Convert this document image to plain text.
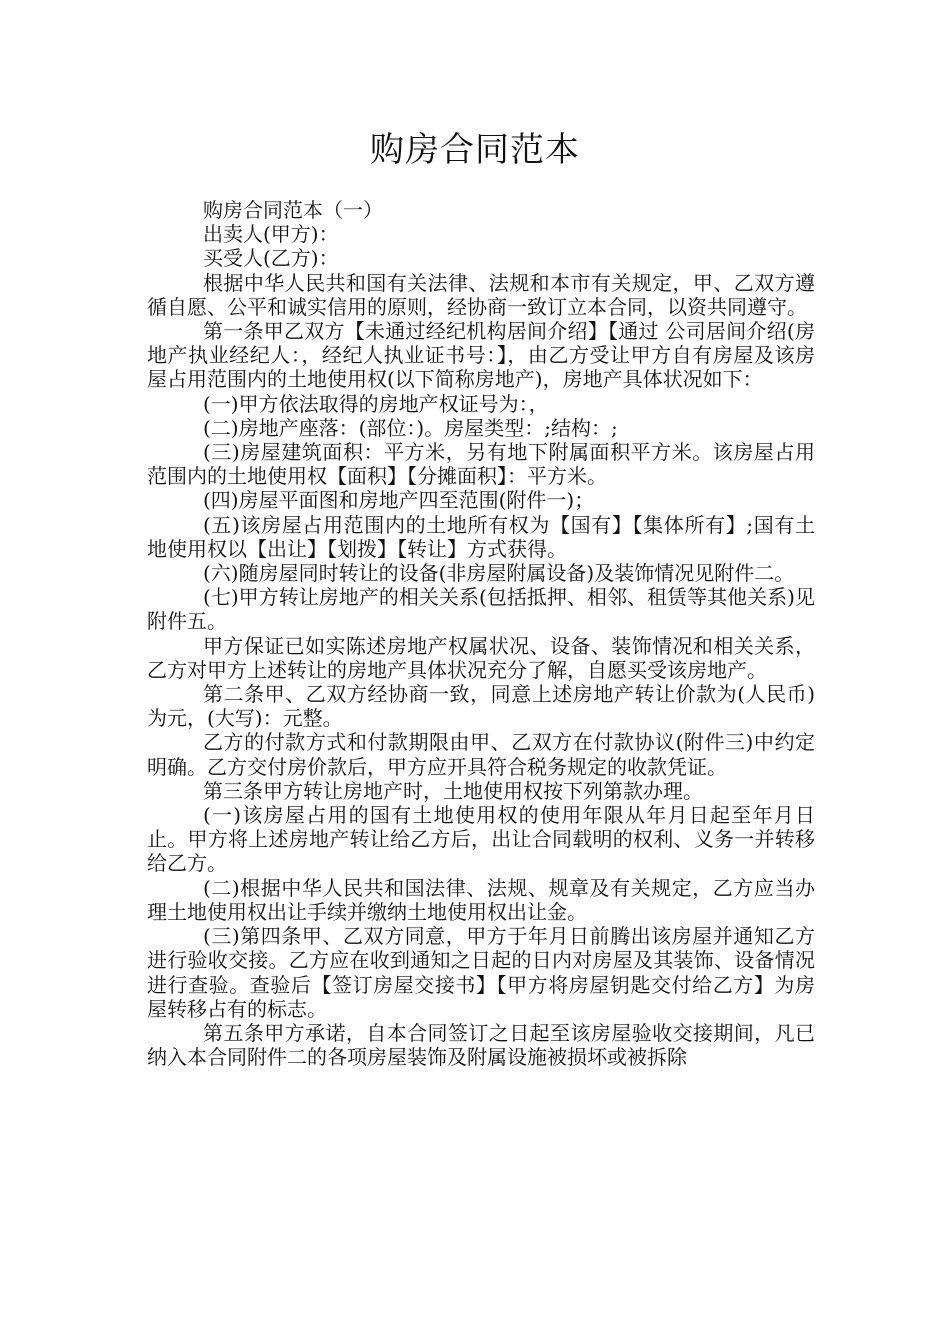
购房合同范本

购房合同范本（一）

出卖人(甲方)：

买受人(乙方)：

根据中华人民共和国有关法律、法规和本市有关规定，甲、乙双方遵循自愿、公平和诚实信用的原则，经协商一致订立本合同，以资共同遵守。

第一条甲乙双方【未通过经纪机构居间介绍】【通过 公司居间介绍(房地产执业经纪人：，经纪人执业证书号：】，由乙方受让甲方自有房屋及该房屋占用范围内的土地使用权(以下简称房地产)，房地产具体状况如下：

(一)甲方依法取得的房地产权证号为：，

(二)房地产座落：(部位：)。房屋类型：;结构：;

(三)房屋建筑面积：平方米，另有地下附属面积平方米。该房屋占用范围内的土地使用权【面积】【分摊面积】：平方米。

(四)房屋平面图和房地产四至范围(附件一)；

(五)该房屋占用范围内的土地所有权为【国有】【集体所有】;国有土地使用权以【出让】【划拨】【转让】方式获得。

(六)随房屋同时转让的设备(非房屋附属设备)及装饰情况见附件二。

(七)甲方转让房地产的相关关系(包括抵押、相邻、租赁等其他关系)见附件五。

甲方保证已如实陈述房地产权属状况、设备、装饰情况和相关关系，乙方对甲方上述转让的房地产具体状况充分了解，自愿买受该房地产。

第二条甲、乙双方经协商一致，同意上述房地产转让价款为(人民币)为元，(大写)：元整。

乙方的付款方式和付款期限由甲、乙双方在付款协议(附件三)中约定明确。乙方交付房价款后，甲方应开具符合税务规定的收款凭证。

第三条甲方转让房地产时，土地使用权按下列第款办理。

(一)该房屋占用的国有土地使用权的使用年限从年月日起至年月日止。甲方将上述房地产转让给乙方后，出让合同载明的权利、义务一并转移给乙方。

(二)根据中华人民共和国法律、法规、规章及有关规定，乙方应当办理土地使用权出让手续并缴纳土地使用权出让金。

(三)第四条甲、乙双方同意，甲方于年月日前腾出该房屋并通知乙方进行验收交接。乙方应在收到通知之日起的日内对房屋及其装饰、设备情况进行查验。查验后【签订房屋交接书】【甲方将房屋钥匙交付给乙方】为房屋转移占有的标志。

第五条甲方承诺，自本合同签订之日起至该房屋验收交接期间，凡已纳入本合同附件二的各项房屋装饰及附属设施被损坏或被拆除
